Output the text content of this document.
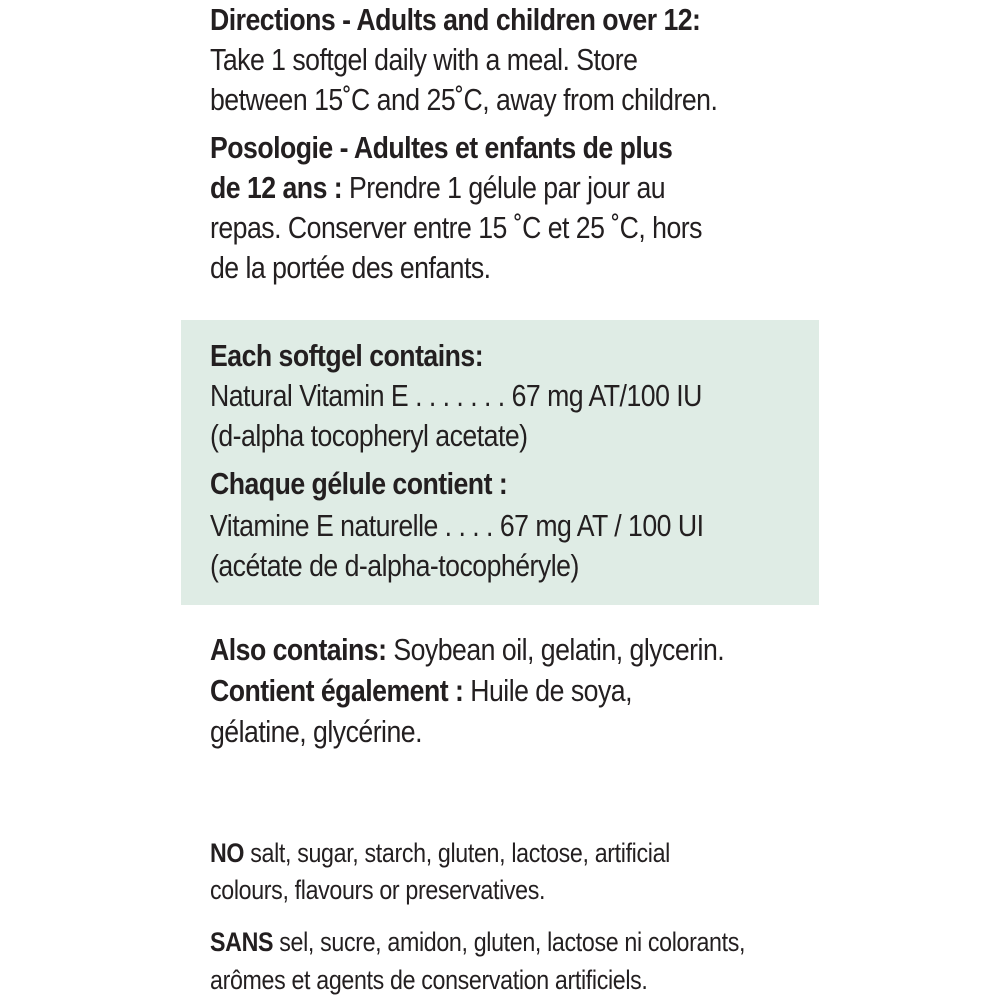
Directions - Adults and children over 12:
Take 1 softgel daily with a meal. Store
between 15˚C and 25˚C, away from children.
Posologie - Adultes et enfants de plus
de 12 ans : Prendre 1 gélule par jour au
repas. Conserver entre 15 ˚C et 25 ˚C, hors
de la portée des enfants.
Each softgel contains:
Natural Vitamin E . . . . . . . 67 mg AT/100 IU
(d-alpha tocopheryl acetate)
Chaque gélule contient :
Vitamine E naturelle . . . . 67 mg AT / 100 UI
(acétate de d-alpha-tocophéryle)
Also contains: Soybean oil, gelatin, glycerin.
Contient également : Huile de soya,
gélatine, glycérine.
NO salt, sugar, starch, gluten, lactose, artificial
colours, flavours or preservatives.
SANS sel, sucre, amidon, gluten, lactose ni colorants,
arômes et agents de conservation artificiels.
